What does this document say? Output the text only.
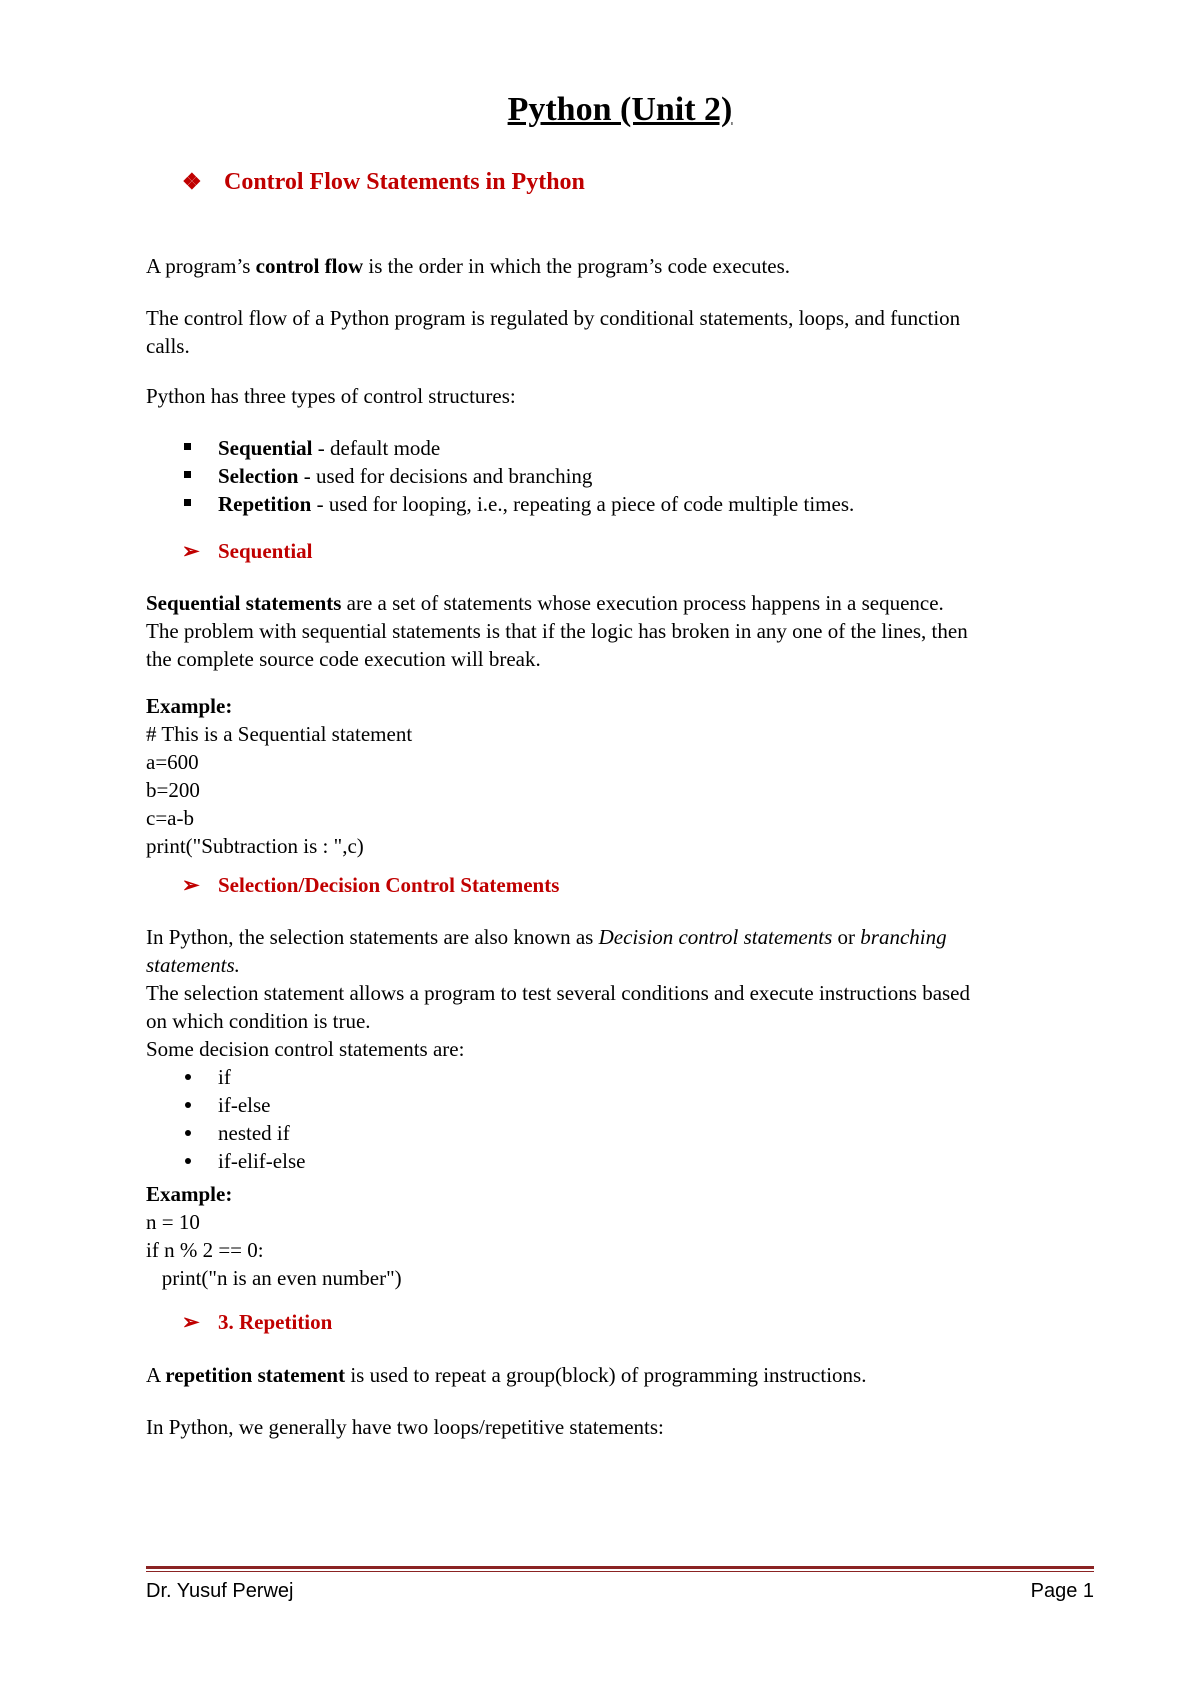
Python (Unit 2)
❖ Control Flow Statements in Python
A program’s control flow is the order in which the program’s code executes.
The control flow of a Python program is regulated by conditional statements, loops, and function
calls.
Python has three types of control structures:
Sequential - default mode
Selection - used for decisions and branching
Repetition - used for looping, i.e., repeating a piece of code multiple times.
➢ Sequential
Sequential statements are a set of statements whose execution process happens in a sequence.
The problem with sequential statements is that if the logic has broken in any one of the lines, then
the complete source code execution will break.
Example:
# This is a Sequential statement
a=600
b=200
c=a-b
print("Subtraction is : ",c)
➢ Selection/Decision Control Statements
In Python, the selection statements are also known as Decision control statements or branching
statements.
The selection statement allows a program to test several conditions and execute instructions based
on which condition is true.
Some decision control statements are:
if
if-else
nested if
if-elif-else
Example:
n = 10
if n % 2 == 0:
print("n is an even number")
➢ 3. Repetition
A repetition statement is used to repeat a group(block) of programming instructions.
In Python, we generally have two loops/repetitive statements:
Dr. Yusuf Perwej	Page 1
